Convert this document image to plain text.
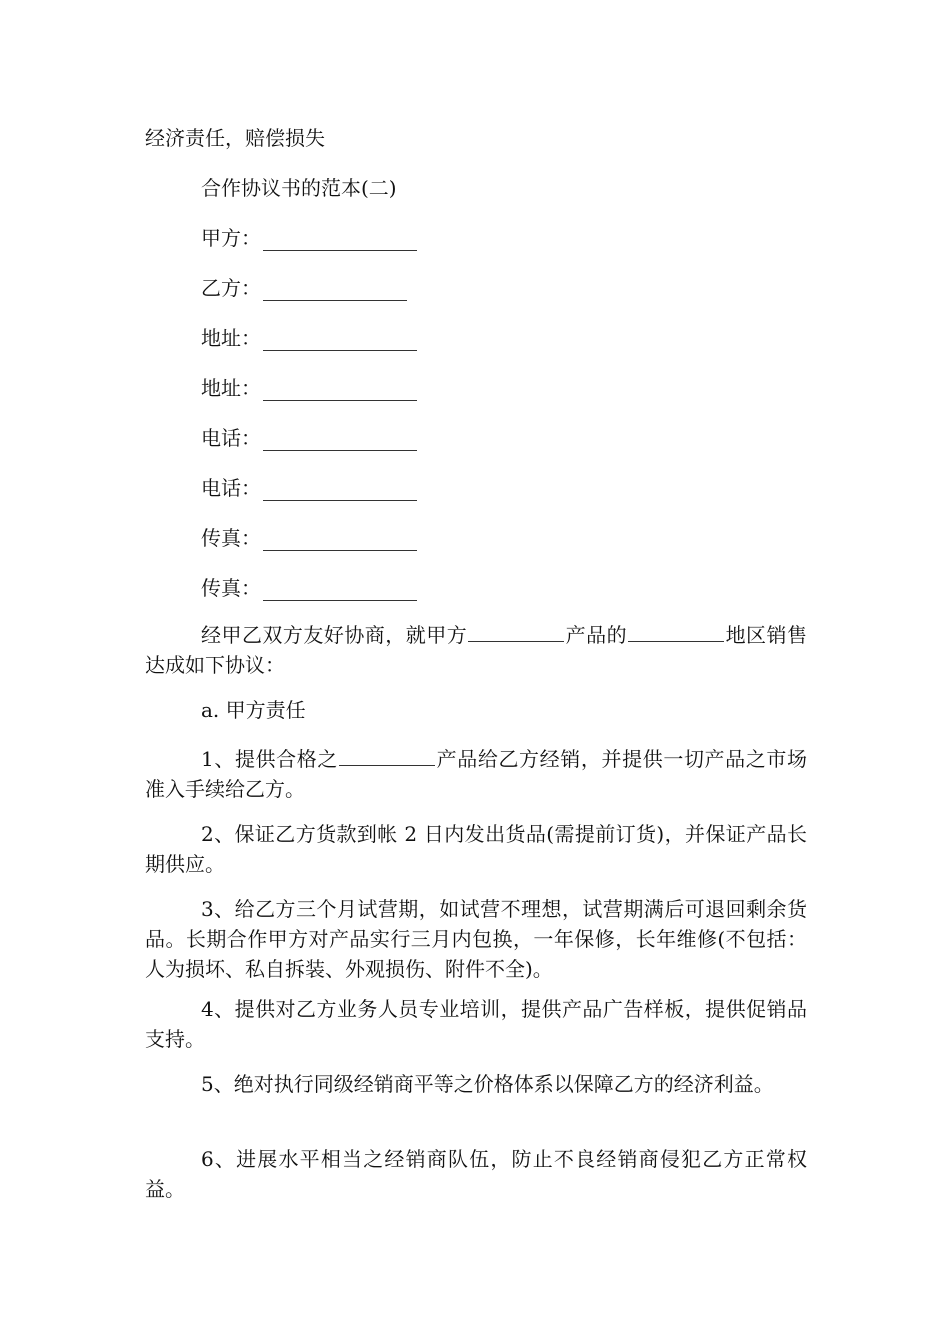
经济责任，赔偿损失
合作协议书的范本(二)
甲方：
乙方：
地址：
地址：
电话：
电话：
传真：
传真：
经甲乙双方友好协商，就甲方	产品的	地区销售达成如下协议：
a. 甲方责任
1、提供合格之	产品给乙方经销，并提供一切产品之市场准入手续给乙方。
2、保证乙方货款到帐 2 日内发出货品(需提前订货)，并保证产品长期供应。
3、给乙方三个月试营期，如试营不理想，试营期满后可退回剩余货品。长期合作甲方对产品实行三月内包换，一年保修，长年维修(不包括：人为损坏、私自拆装、外观损伤、附件不全)。
4、提供对乙方业务人员专业培训，提供产品广告样板，提供促销品支持。
5、绝对执行同级经销商平等之价格体系以保障乙方的经济利益。
6、进展水平相当之经销商队伍，防止不良经销商侵犯乙方正常权益。
